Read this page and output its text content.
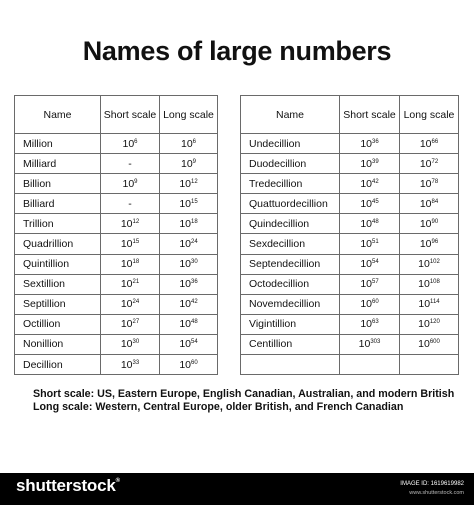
Names of large numbers
Name	Short scale	Long scale
Million	$10^6$	$10^6$
Milliard	-	$10^9$
Billion	$10^9$	$10^{12}$
Billiard	-	$10^{15}$
Trillion	$10^{12}$	$10^{18}$
Quadrillion	$10^{15}$	$10^{24}$
Quintillion	$10^{18}$	$10^{30}$
Sextillion	$10^{21}$	$10^{36}$
Septillion	$10^{24}$	$10^{42}$
Octillion	$10^{27}$	$10^{48}$
Nonillion	$10^{30}$	$10^{54}$
Decillion	$10^{33}$	$10^{60}$
Name	Short scale	Long scale
Undecillion	$10^{36}$	$10^{66}$
Duodecillion	$10^{39}$	$10^{72}$
Tredecillion	$10^{42}$	$10^{78}$
Quattuordecillion	$10^{45}$	$10^{84}$
Quindecillion	$10^{48}$	$10^{90}$
Sexdecillion	$10^{51}$	$10^{96}$
Septendecillion	$10^{54}$	$10^{102}$
Octodecillion	$10^{57}$	$10^{108}$
Novemdecillion	$10^{60}$	$10^{114}$
Vigintillion	$10^{63}$	$10^{120}$
Centillion	$10^{303}$	$10^{600}$

Short scale: US, Eastern Europe, English Canadian, Australian, and modern British
Long scale: Western, Central Europe, older British, and French Canadian
shutterstock®	IMAGE ID: 1619619982
www.shutterstock.com
